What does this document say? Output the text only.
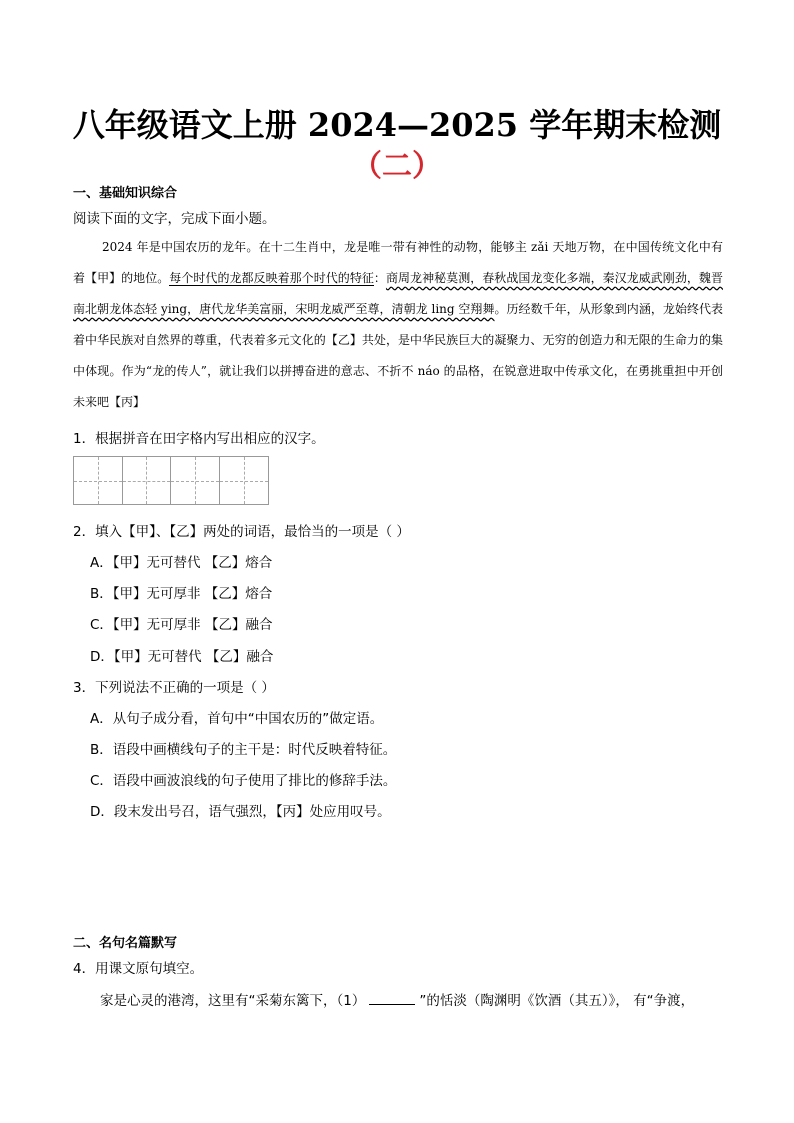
八年级语文上册 2024—2025 学年期末检测
（二）
一、基础知识综合
阅读下面的文字，完成下面小题。

2024 年是中国农历的龙年。在十二生肖中，龙是唯一带有神性的动物，能够主 zǎi 天地万物，在中国传统文化中有着【甲】的地位。每个时代的龙都反映着那个时代的特征：商周龙神秘莫测，春秋战国龙变化多端，秦汉龙威武刚劲，魏晋南北朝龙体态轻 ying，唐代龙华美富丽，宋明龙威严至尊，清朝龙 ling 空翔舞。历经数千年，从形象到内涵，龙始终代表着中华民族对自然界的尊重，代表着多元文化的【乙】共处，是中华民族巨大的凝聚力、无穷的创造力和无限的生命力的集中体现。作为“龙的传人”，就让我们以拼搏奋进的意志、不折不 náo 的品格，在锐意进取中传承文化，在勇挑重担中开创未来吧【丙】

1．根据拼音在田字格内写出相应的汉字。
2．填入【甲】、【乙】两处的词语，最恰当的一项是（ ）
A．【甲】无可替代 【乙】熔合
B．【甲】无可厚非 【乙】熔合
C．【甲】无可厚非 【乙】融合
D．【甲】无可替代 【乙】融合
3．下列说法不正确的一项是（ ）
A．从句子成分看，首句中“中国农历的”做定语。
B．语段中画横线句子的主干是：时代反映着特征。
C．语段中画波浪线的句子使用了排比的修辞手法。
D．段末发出号召，语气强烈，【丙】处应用叹号。
二、名句名篇默写
4．用课文原句填空。
家是心灵的港湾，这里有“采菊东篱下，（1）	”的恬淡（陶渊明《饮酒（其五）》， 有“争渡，
